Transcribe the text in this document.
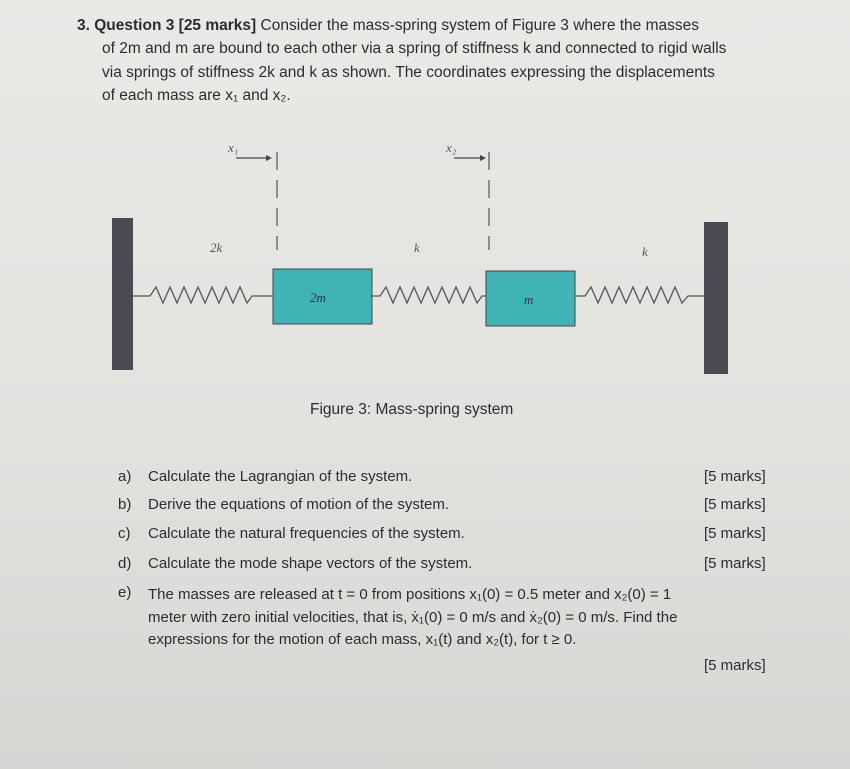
3. Question 3 [25 marks] Consider the mass-spring system of Figure 3 where the masses

of 2m and m are bound to each other via a spring of stiffness k and connected to rigid walls

via springs of stiffness 2k and k as shown. The coordinates expressing the displacements

of each mass are x₁ and x₂.

x₁	x₂
2k	k	k
2m	m
Figure 3: Mass-spring system
a) Calculate the Lagrangian of the system.	[5 marks]
b) Derive the equations of motion of the system.	[5 marks]
c) Calculate the natural frequencies of the system.	[5 marks]
d) Calculate the mode shape vectors of the system.	[5 marks]
e) The masses are released at t = 0 from positions x₁(0) = 0.5 meter and x₂(0) = 1
meter with zero initial velocities, that is, ẋ₁(0) = 0 m/s and ẋ₂(0) = 0 m/s. Find the
expressions for the motion of each mass, x₁(t) and x₂(t), for t ≥ 0.
[5 marks]
